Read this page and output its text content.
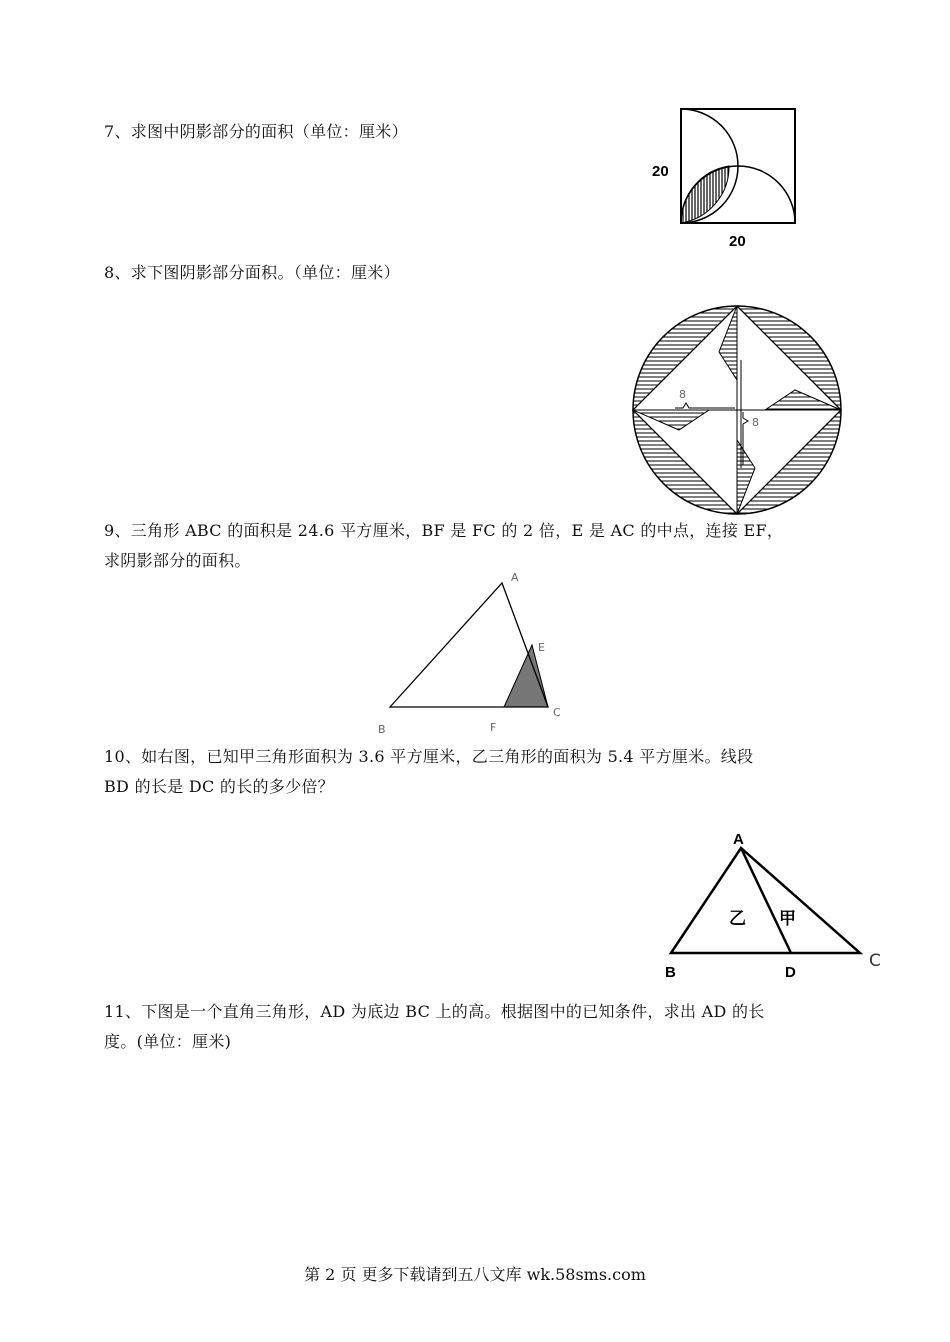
7、求图中阴影部分的面积（单位：厘米）
20
20
8、求下图阴影部分面积。（单位：厘米）
8
8
9、三角形 ABC 的面积是 24.6 平方厘米，BF 是 FC 的 2 倍，E 是 AC 的中点，连接 EF，
求阴影部分的面积。
A
E
B	F
C
10、如右图，已知甲三角形面积为 3.6 平方厘米，乙三角形的面积为 5.4 平方厘米。线段
BD 的长是 DC 的长的多少倍？
A
B	D
C
乙 甲
11、下图是一个直角三角形，AD 为底边 BC 上的高。根据图中的已知条件，求出 AD 的长
度。(单位：厘米)
第 2 页 更多下载请到五八文库 wk.58sms.com
